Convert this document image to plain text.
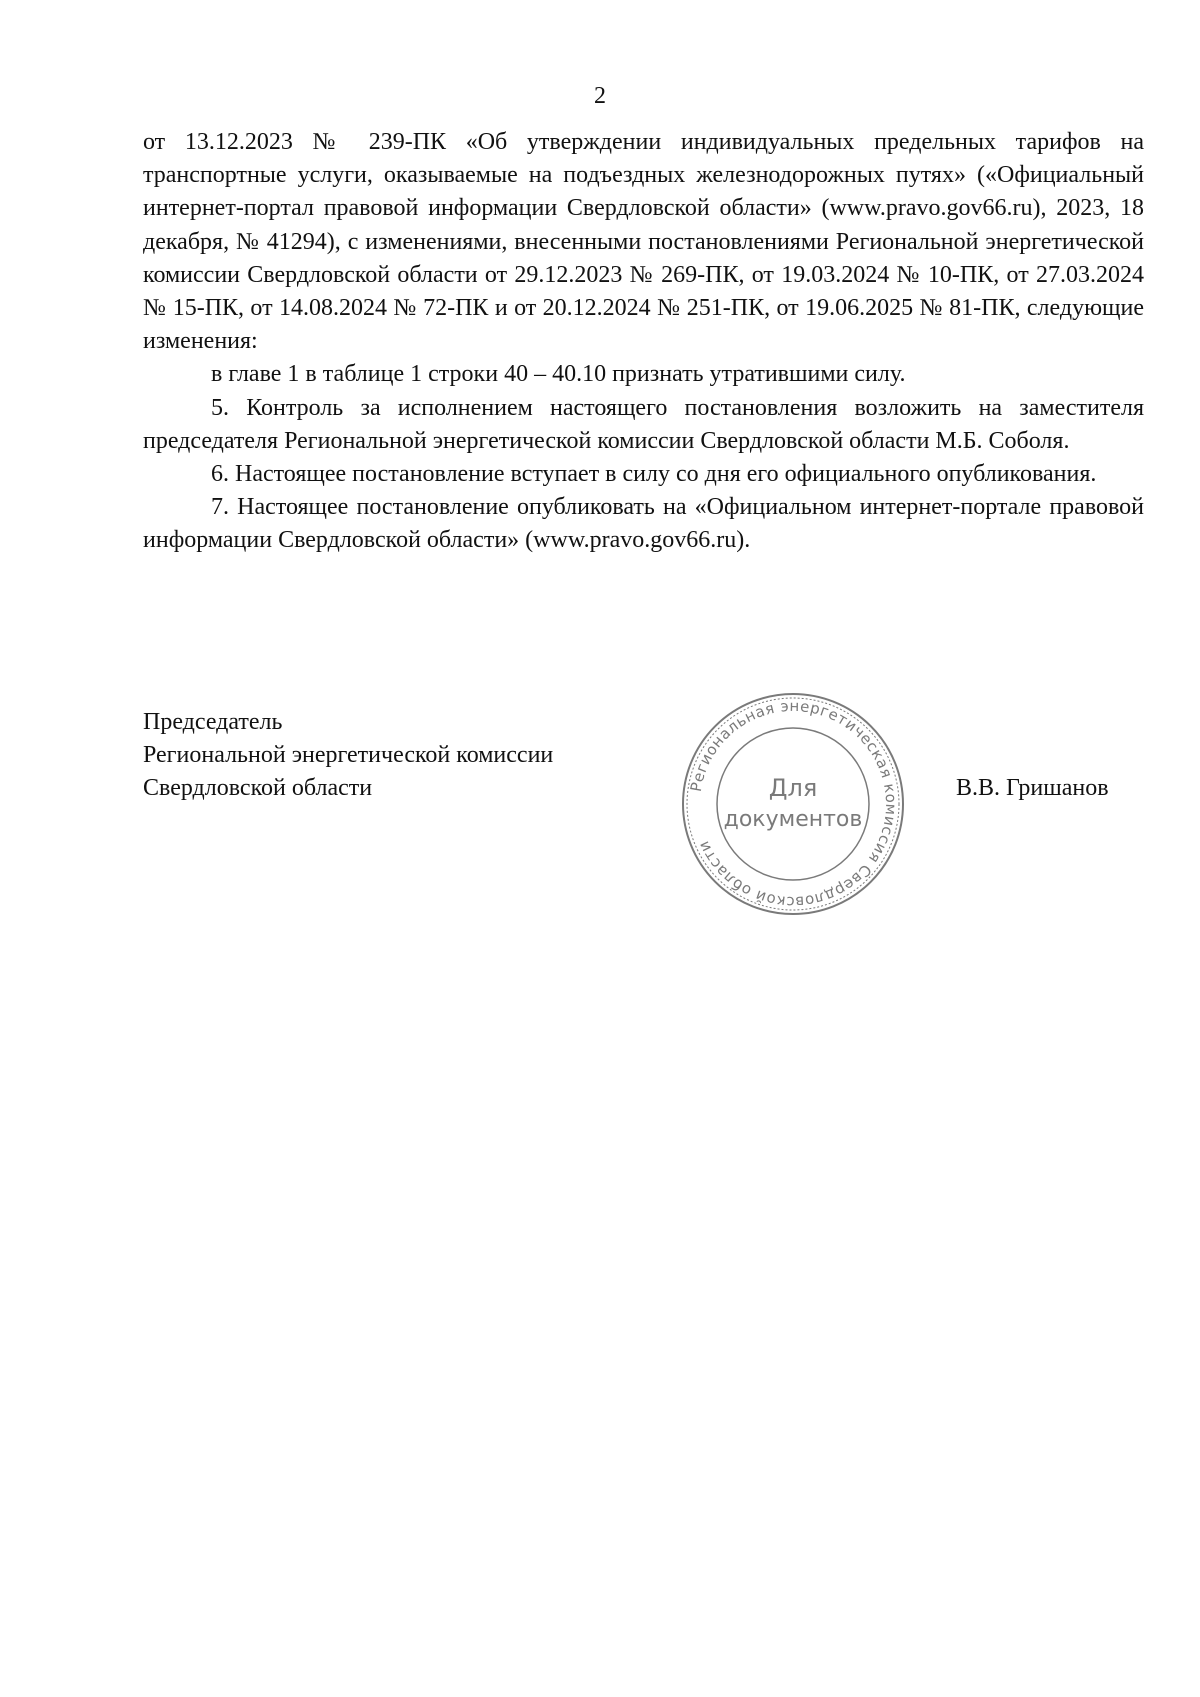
2

от 13.12.2023 № 239-ПК «Об утверждении индивидуальных предельных тарифов на транспортные услуги, оказываемые на подъездных железнодорожных путях» («Официальный интернет-портал правовой информации Свердловской области» (www.pravo.gov66.ru), 2023, 18 декабря, № 41294), с изменениями, внесенными постановлениями Региональной энергетической комиссии Свердловской области от 29.12.2023 № 269-ПК, от 19.03.2024 № 10-ПК, от 27.03.2024 № 15-ПК, от 14.08.2024 № 72-ПК и от 20.12.2024 № 251-ПК, от 19.06.2025 № 81-ПК, следующие изменения:

в главе 1 в таблице 1 строки 40 – 40.10 признать утратившими силу.

5. Контроль за исполнением настоящего постановления возложить на заместителя председателя Региональной энергетической комиссии Свердловской области М.Б. Соболя.

6. Настоящее постановление вступает в силу со дня его официального опубликования.

7. Настоящее постановление опубликовать на «Официальном интернет-портале правовой информации Свердловской области» (www.pravo.gov66.ru).

Председатель
Региональной энергетической комиссии
Свердловской области	Региональная энергетическая комиссия Свердловской области
Для
документов
В.В. Гришанов
